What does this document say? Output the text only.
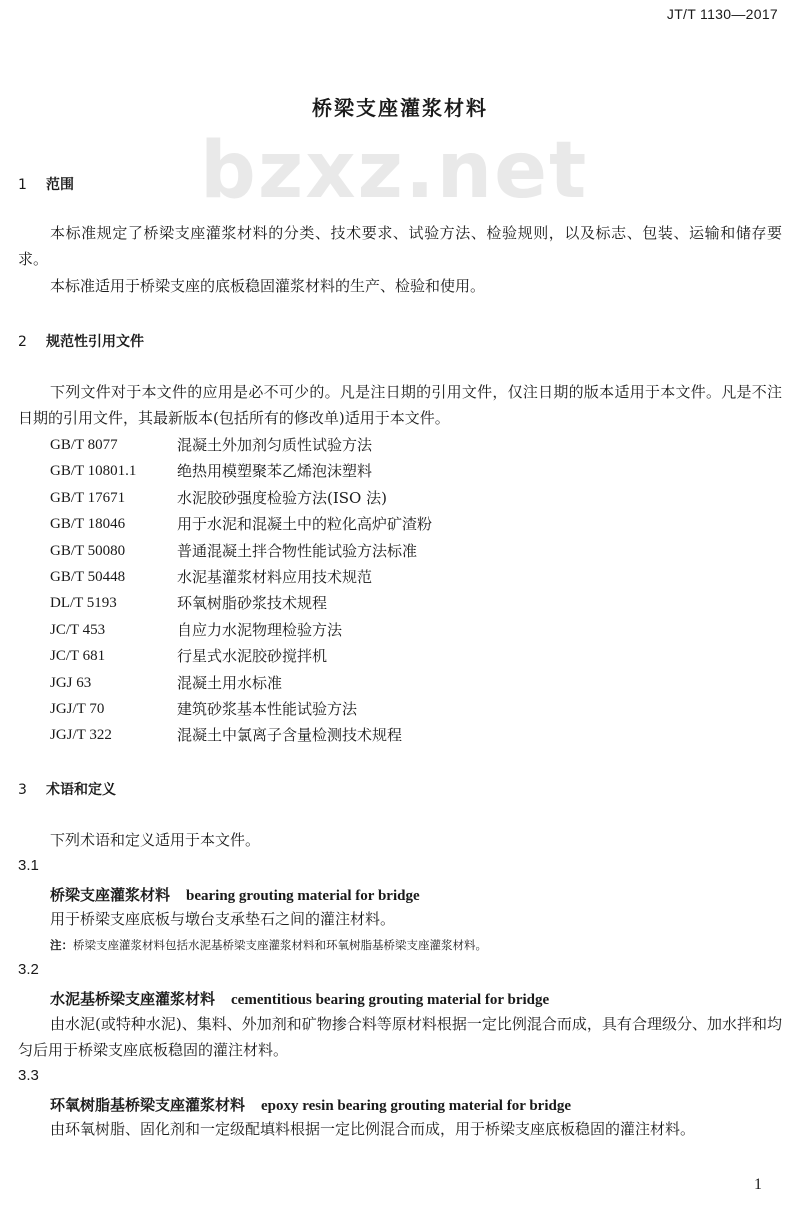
JT/T 1130—2017
桥梁支座灌浆材料
bzxz.net
1 范围
本标准规定了桥梁支座灌浆材料的分类、技术要求、试验方法、检验规则，以及标志、包装、运输和储存要求。
本标准适用于桥梁支座的底板稳固灌浆材料的生产、检验和使用。
2 规范性引用文件
下列文件对于本文件的应用是必不可少的。凡是注日期的引用文件，仅注日期的版本适用于本文件。凡是不注日期的引用文件，其最新版本(包括所有的修改单)适用于本文件。
GB/T 8077	混凝土外加剂匀质性试验方法
GB/T 10801.1	绝热用模塑聚苯乙烯泡沫塑料
GB/T 17671	水泥胶砂强度检验方法(ISO 法)
GB/T 18046	用于水泥和混凝土中的粒化高炉矿渣粉
GB/T 50080	普通混凝土拌合物性能试验方法标准
GB/T 50448	水泥基灌浆材料应用技术规范
DL/T 5193	环氧树脂砂浆技术规程
JC/T 453	自应力水泥物理检验方法
JC/T 681	行星式水泥胶砂搅拌机
JGJ 63	混凝土用水标准
JGJ/T 70	建筑砂浆基本性能试验方法
JGJ/T 322	混凝土中氯离子含量检测技术规程
3 术语和定义
下列术语和定义适用于本文件。
3.1
桥梁支座灌浆材料 bearing grouting material for bridge
用于桥梁支座底板与墩台支承垫石之间的灌注材料。
注：桥梁支座灌浆材料包括水泥基桥梁支座灌浆材料和环氧树脂基桥梁支座灌浆材料。
3.2
水泥基桥梁支座灌浆材料 cementitious bearing grouting material for bridge
由水泥(或特种水泥)、集料、外加剂和矿物掺合料等原材料根据一定比例混合而成，具有合理级分、加水拌和均匀后用于桥梁支座底板稳固的灌注材料。
3.3
环氧树脂基桥梁支座灌浆材料 epoxy resin bearing grouting material for bridge
由环氧树脂、固化剂和一定级配填料根据一定比例混合而成，用于桥梁支座底板稳固的灌注材料。
1
